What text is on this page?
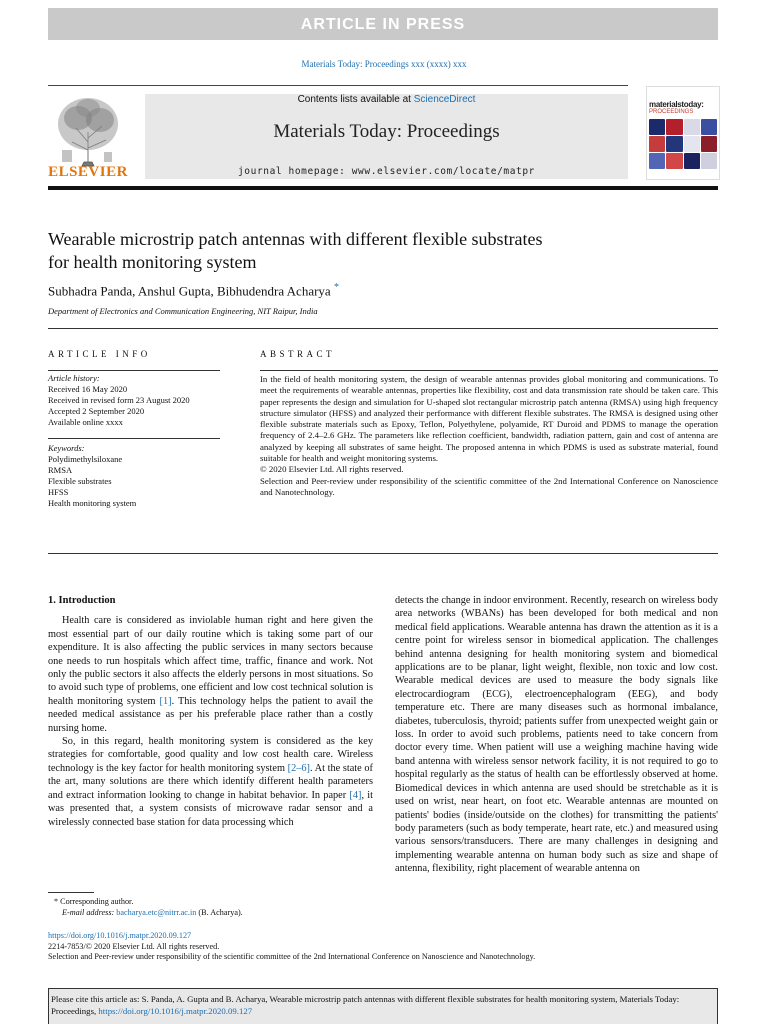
ARTICLE IN PRESS
Materials Today: Proceedings xxx (xxxx) xxx
ELSEVIER
Contents lists available at ScienceDirect
Materials Today: Proceedings
journal homepage: www.elsevier.com/locate/matpr
materialstoday:
PROCEEDINGS
Wearable microstrip patch antennas with different flexible substrates
for health monitoring system
Subhadra Panda, Anshul Gupta, Bibhudendra Acharya *
Department of Electronics and Communication Engineering, NIT Raipur, India
ARTICLE INFO	ABSTRACT
Article history:
Received 16 May 2020
Received in revised form 23 August 2020
Accepted 2 September 2020
Available online xxxx
Keywords:
Polydimethylsiloxane
RMSA
Flexible substrates
HFSS
Health monitoring system

In the field of health monitoring system, the design of wearable antennas provides global monitoring and communications. To meet the requirements of wearable antennas, properties like flexibility, cost and data transmission rate should be taken care. This paper represents the design and simulation for U-shaped slot rectangular microstrip patch antenna (RMSA) using high frequency structure simulator (HFSS) and analyzed their performance with different flexible substrates. The RMSA is designed using other flexible substrate materials such as Epoxy, Teflon, Polyethylene, polyamide, RT Duroid and PDMS to manage the operation frequency of 2.4–2.6 GHz. The parameters like reflection coefficient, bandwidth, radiation pattern, gain and cost of antenna are analyzed by keeping all substrates of same height. The proposed antenna in which PDMS is used as substrate material, found suitable for health and weight monitoring systems.

© 2020 Elsevier Ltd. All rights reserved.

Selection and Peer-review under responsibility of the scientific committee of the 2nd International Conference on Nanoscience and Nanotechnology.

1. Introduction

Health care is considered as inviolable human right and here given the most essential part of our daily routine which is taking some part of our expenditure. It is also affecting the public services in many sectors because one needs to run hospitals which affect time, traffic, finance and work. Not only the public sectors it also affects the elderly persons in most situations. So to avoid such type of problems, one efficient and low cost technical solution is health monitoring system [1]. This technology helps the patient to avail the needed medical assistance as per his preferable place rather than a costly nursing home.

So, in this regard, health monitoring system is considered as the key strategies for comfortable, good quality and low cost health care. Wireless technology is the key factor for health monitoring system [2–6]. At the state of the art, many solutions are there which identify different health parameters and extract information looking to change in habitat behavior. In paper [4], it was presented that, a system consists of microwave radar sensor and a wirelessly connected base station for data processing which

detects the change in indoor environment. Recently, research on wireless body area networks (WBANs) has been developed for both medical and non medical field applications. Wearable antenna has drawn the attention as it is a centre point for wireless sensor in biomedical application. The challenges behind antenna designing for health monitoring system and biomedical applications are to be planar, light weight, flexible, non toxic and low cost. Wearable medical devices are used to measure the body signals like electrocardiogram (ECG), electroencephalogram (EEG), and body temperature etc. There are many diseases such as hormonal imbalance, diabetes, tuberculosis, thyroid; patients suffer from unexpected weight gain or loss. In order to avoid such problems, patients need to take concern from doctor every time. When patient will use a weighing machine having wide band antenna with wireless sensor network facility, it is not required to go to hospital regularly as the status of health can be effortlessly observed at home. Biomedical devices in which antenna are used should be stretchable as it is used on wrist, near heart, on foot etc. Wearable antennas are mounted on patients' bodies (inside/outside on the clothes) for transmitting the patients' body parameters (such as body temperate, heart rate, etc.) and measured using various sensors/transducers. There are many challenges in designing and implementing wearable antenna on human body such as size and shape of antenna, flexibility, right placement of wearable antenna on

* Corresponding author.
E-mail address: bacharya.etc@nitrr.ac.in (B. Acharya).
https://doi.org/10.1016/j.matpr.2020.09.127
2214-7853/© 2020 Elsevier Ltd. All rights reserved.
Selection and Peer-review under responsibility of the scientific committee of the 2nd International Conference on Nanoscience and Nanotechnology.
Please cite this article as: S. Panda, A. Gupta and B. Acharya, Wearable microstrip patch antennas with different flexible substrates for health monitoring system, Materials Today: Proceedings, https://doi.org/10.1016/j.matpr.2020.09.127
